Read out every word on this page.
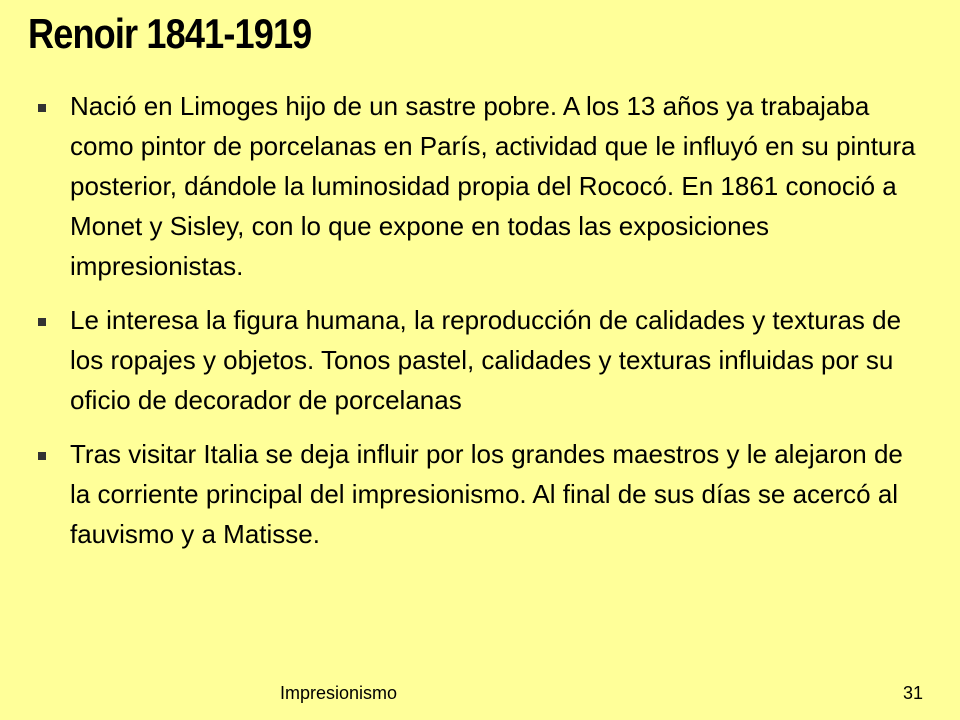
Renoir 1841-1919
Nació en Limoges hijo de un sastre pobre. A los 13 años ya trabajaba como pintor de porcelanas en París, actividad que le influyó en su pintura posterior, dándole la luminosidad propia del Rococó. En 1861 conoció a Monet y Sisley, con lo que expone en todas las exposiciones impresionistas.
Le interesa la figura humana, la reproducción de calidades y texturas de los ropajes y objetos. Tonos pastel, calidades y texturas influidas por su oficio de decorador de porcelanas
Tras visitar Italia se deja influir por los grandes maestros y le alejaron de la corriente principal del impresionismo. Al final de sus días se acercó al fauvismo y a Matisse.
Impresionismo	31
